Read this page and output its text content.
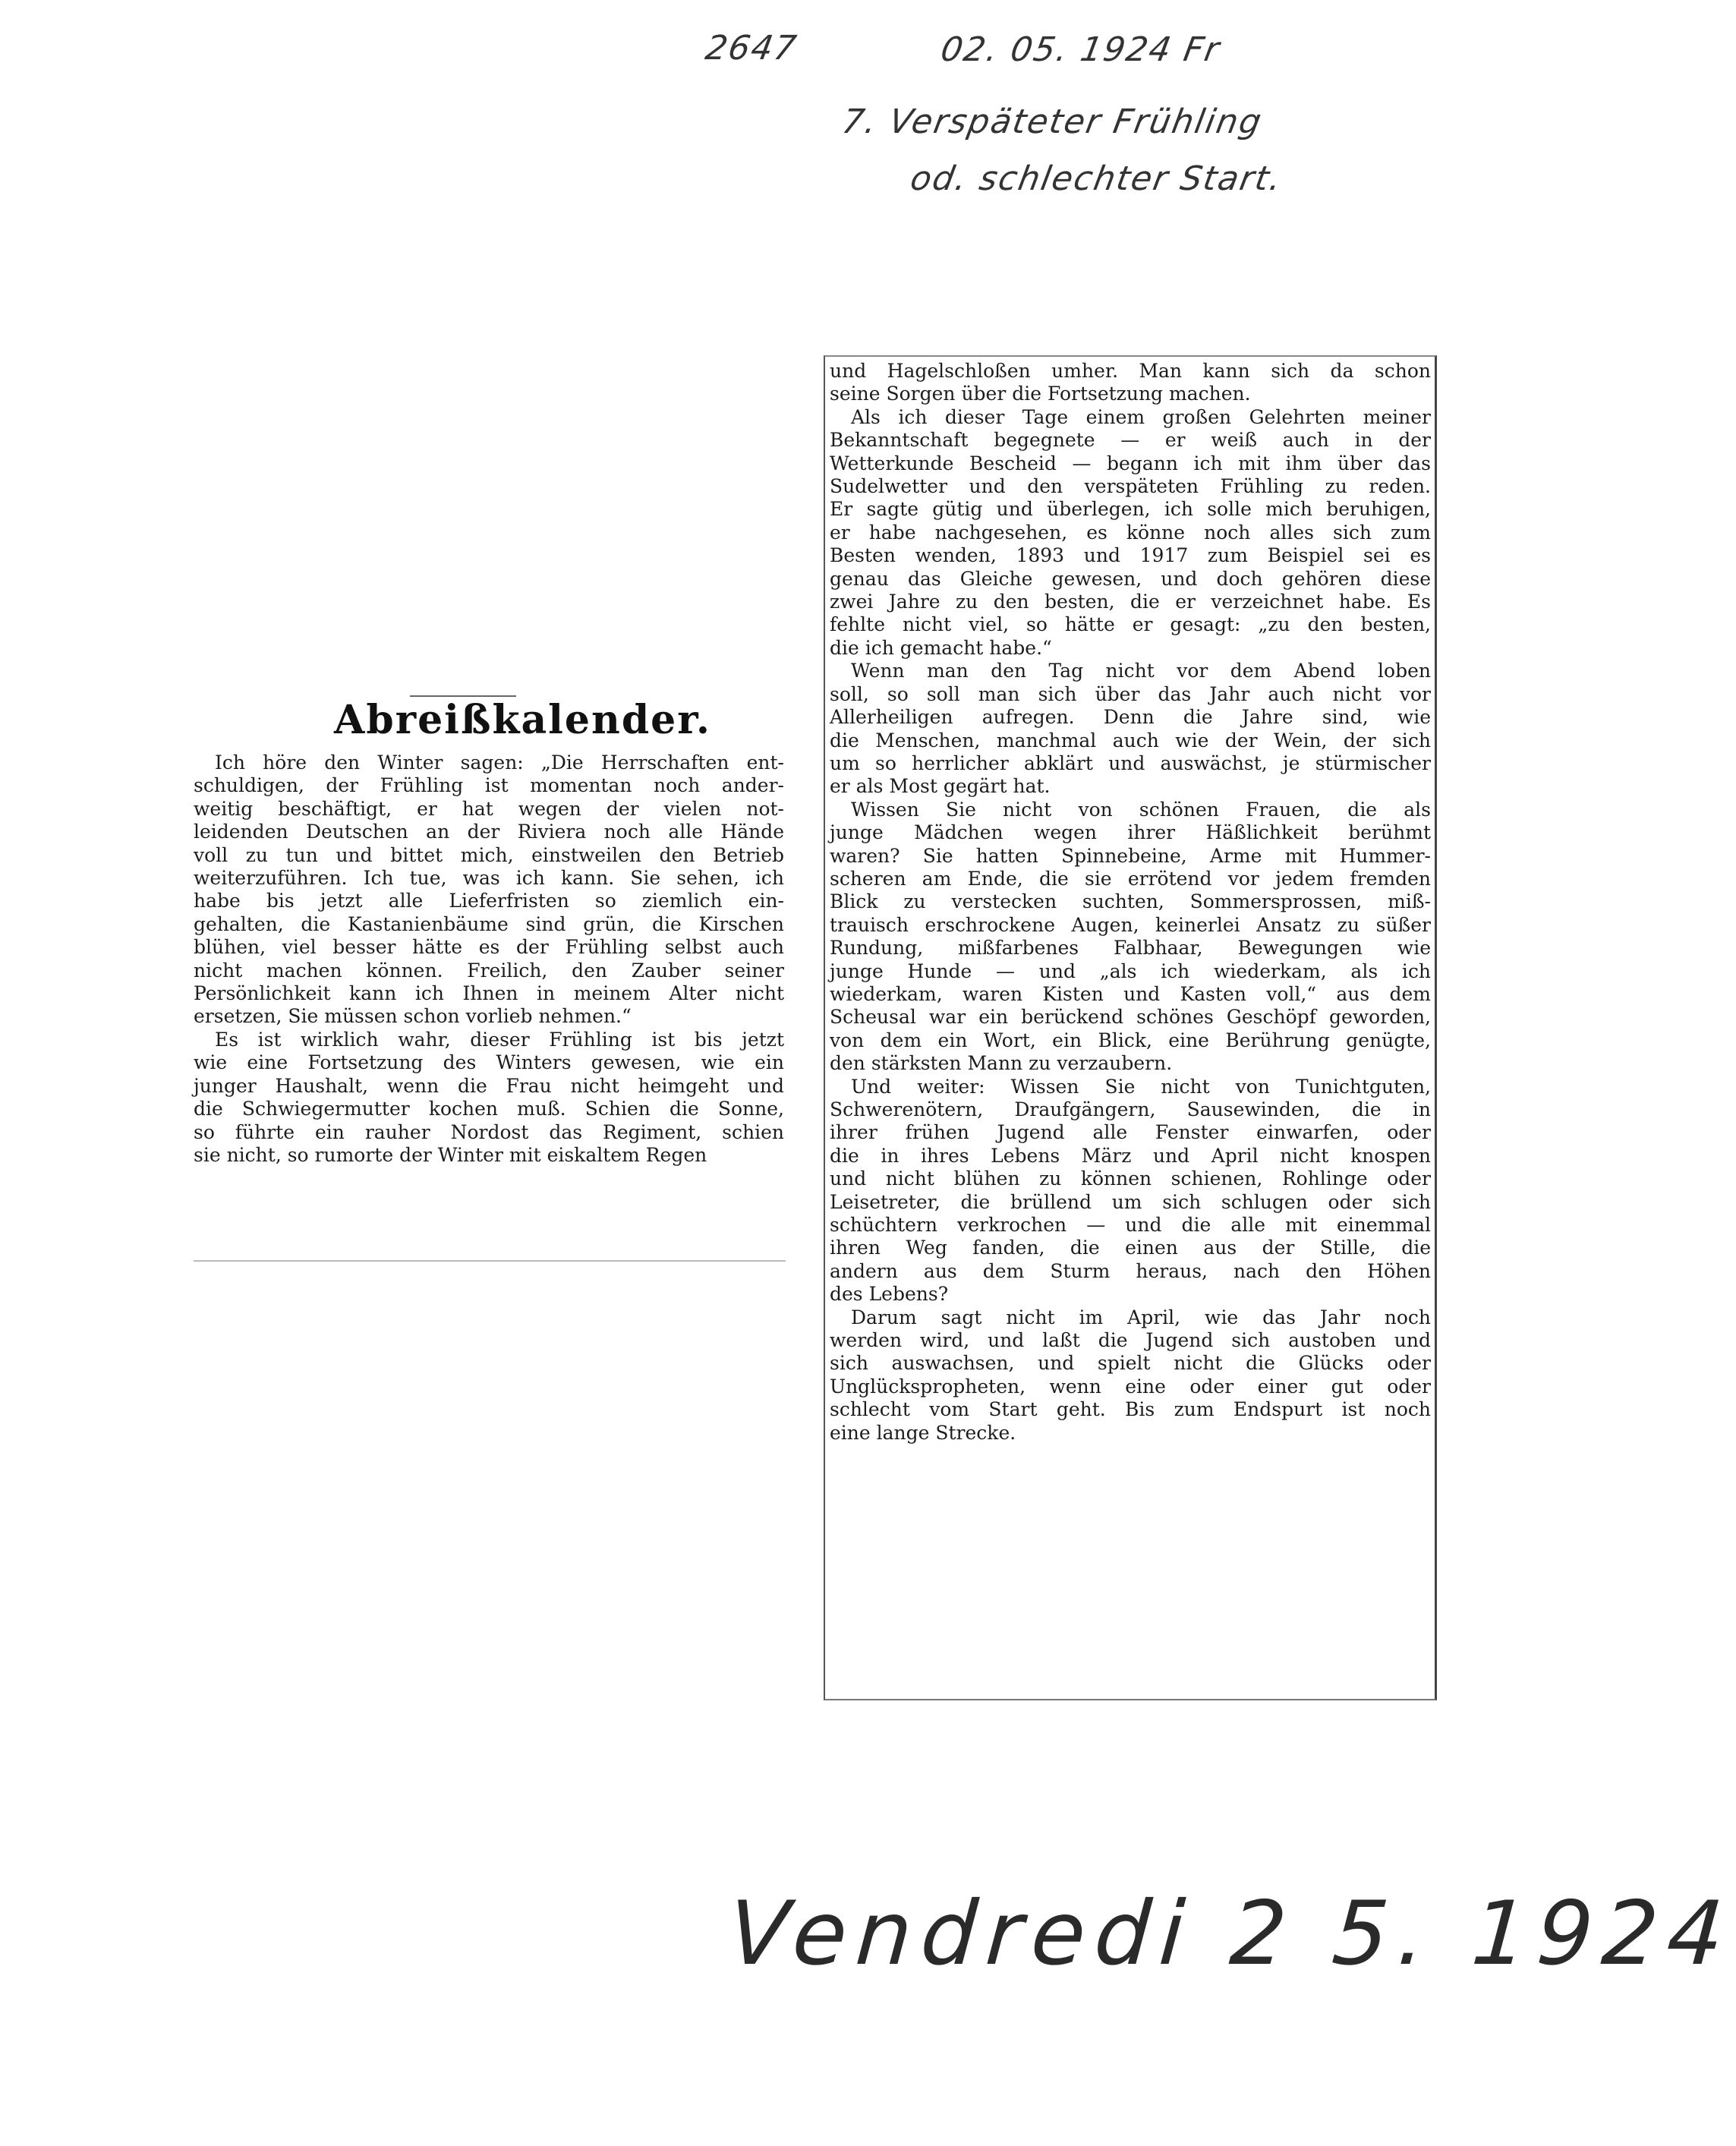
2647	02. 05. 1924 Fr
7. Verspäteter Frühling
od. schlechter Start.
Abreißkalender.
Ich höre den Winter sagen: „Die Herrschaften ent-
schuldigen, der Frühling ist momentan noch ander-
weitig beschäftigt, er hat wegen der vielen not-
leidenden Deutschen an der Riviera noch alle Hände
voll zu tun und bittet mich, einstweilen den Betrieb
weiterzuführen. Ich tue, was ich kann. Sie sehen, ich
habe bis jetzt alle Lieferfristen so ziemlich ein-
gehalten, die Kastanienbäume sind grün, die Kirschen
blühen, viel besser hätte es der Frühling selbst auch
nicht machen können. Freilich, den Zauber seiner
Persönlichkeit kann ich Ihnen in meinem Alter nicht
ersetzen, Sie müssen schon vorlieb nehmen.“
Es ist wirklich wahr, dieser Frühling ist bis jetzt
wie eine Fortsetzung des Winters gewesen, wie ein
junger Haushalt, wenn die Frau nicht heimgeht und
die Schwiegermutter kochen muß. Schien die Sonne,
so führte ein rauher Nordost das Regiment, schien
sie nicht, so rumorte der Winter mit eiskaltem Regen
und Hagelschloßen umher. Man kann sich da schon
seine Sorgen über die Fortsetzung machen.
Als ich dieser Tage einem großen Gelehrten meiner
Bekanntschaft begegnete — er weiß auch in der
Wetterkunde Bescheid — begann ich mit ihm über das
Sudelwetter und den verspäteten Frühling zu reden.
Er sagte gütig und überlegen, ich solle mich beruhigen,
er habe nachgesehen, es könne noch alles sich zum
Besten wenden, 1893 und 1917 zum Beispiel sei es
genau das Gleiche gewesen, und doch gehören diese
zwei Jahre zu den besten, die er verzeichnet habe. Es
fehlte nicht viel, so hätte er gesagt: „zu den besten,
die ich gemacht habe.“
Wenn man den Tag nicht vor dem Abend loben
soll, so soll man sich über das Jahr auch nicht vor
Allerheiligen aufregen. Denn die Jahre sind, wie
die Menschen, manchmal auch wie der Wein, der sich
um so herrlicher abklärt und auswächst, je stürmischer
er als Most gegärt hat.
Wissen Sie nicht von schönen Frauen, die als
junge Mädchen wegen ihrer Häßlichkeit berühmt
waren? Sie hatten Spinnebeine, Arme mit Hummer-
scheren am Ende, die sie errötend vor jedem fremden
Blick zu verstecken suchten, Sommersprossen, miß-
trauisch erschrockene Augen, keinerlei Ansatz zu süßer
Rundung, mißfarbenes Falbhaar, Bewegungen wie
junge Hunde — und „als ich wiederkam, als ich
wiederkam, waren Kisten und Kasten voll,“ aus dem
Scheusal war ein berückend schönes Geschöpf geworden,
von dem ein Wort, ein Blick, eine Berührung genügte,
den stärksten Mann zu verzaubern.
Und weiter: Wissen Sie nicht von Tunichtguten,
Schwerenötern, Draufgängern, Sausewinden, die in
ihrer frühen Jugend alle Fenster einwarfen, oder
die in ihres Lebens März und April nicht knospen
und nicht blühen zu können schienen, Rohlinge oder
Leisetreter, die brüllend um sich schlugen oder sich
schüchtern verkrochen — und die alle mit einemmal
ihren Weg fanden, die einen aus der Stille, die
andern aus dem Sturm heraus, nach den Höhen
des Lebens?
Darum sagt nicht im April, wie das Jahr noch
werden wird, und laßt die Jugend sich austoben und
sich auswachsen, und spielt nicht die Glücks oder
Unglückspropheten, wenn eine oder einer gut oder
schlecht vom Start geht. Bis zum Endspurt ist noch
eine lange Strecke.
Vendredi 2 5. 1924
